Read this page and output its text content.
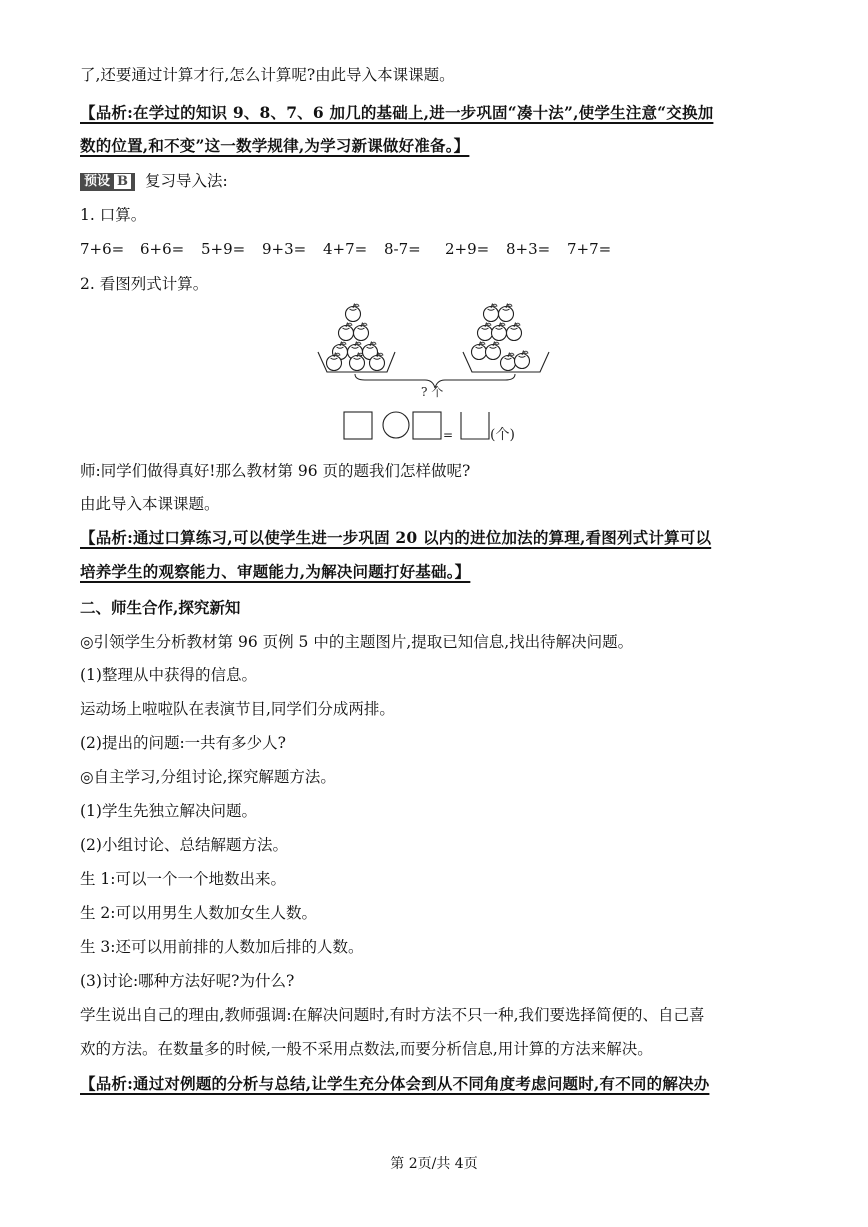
了,还要通过计算才行,怎么计算呢?由此导入本课课题。
【品析:在学过的知识 9、8、7、6 加几的基础上,进一步巩固“凑十法”,使学生注意“交换加
数的位置,和不变”这一数学规律,为学习新课做好准备。】
预设 B 复习导入法:
1. 口算。
7+6= 6+6= 5+9= 9+3= 4+7= 8-7= 2+9= 8+3= 7+7=
2. 看图列式计算。
? 个
=	(个)
师:同学们做得真好!那么教材第 96 页的题我们怎样做呢?
由此导入本课课题。
【品析:通过口算练习,可以使学生进一步巩固 20 以内的进位加法的算理,看图列式计算可以
培养学生的观察能力、审题能力,为解决问题打好基础。】
二、师生合作,探究新知
◎引领学生分析教材第 96 页例 5 中的主题图片,提取已知信息,找出待解决问题。
(1)整理从中获得的信息。
运动场上啦啦队在表演节目,同学们分成两排。
(2)提出的问题:一共有多少人?
◎自主学习,分组讨论,探究解题方法。
(1)学生先独立解决问题。
(2)小组讨论、总结解题方法。
生 1:可以一个一个地数出来。
生 2:可以用男生人数加女生人数。
生 3:还可以用前排的人数加后排的人数。
(3)讨论:哪种方法好呢?为什么?
学生说出自己的理由,教师强调:在解决问题时,有时方法不只一种,我们要选择简便的、自己喜
欢的方法。在数量多的时候,一般不采用点数法,而要分析信息,用计算的方法来解决。
【品析:通过对例题的分析与总结,让学生充分体会到从不同角度考虑问题时,有不同的解决办
第 2页/共 4页
